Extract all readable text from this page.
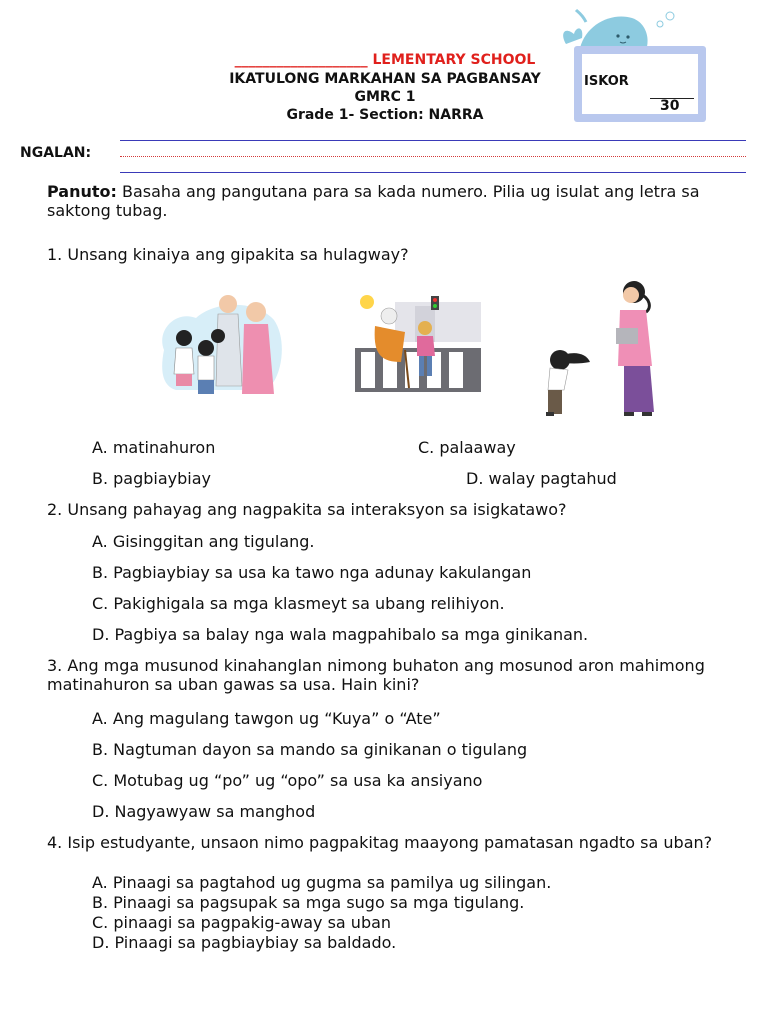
___________________ LEMENTARY SCHOOL
IKATULONG MARKAHAN SA PAGBANSAY
GMRC 1
Grade 1- Section: NARRA
ISKOR
30
NGALAN:
Panuto: Basaha ang pangutana para sa kada numero. Pilia ug isulat ang letra sa saktong tubag.
1. Unsang kinaiya ang gipakita sa hulagway?
A. matinahuron	C. palaaway
B. pagbiaybiay	D. walay pagtahud
2. Unsang pahayag ang nagpakita sa interaksyon sa isigkatawo?
A. Gisinggitan ang tigulang.
B. Pagbiaybiay sa usa ka tawo nga adunay kakulangan
C. Pakighigala sa mga klasmeyt sa ubang relihiyon.
D. Pagbiya sa balay nga wala magpahibalo sa mga ginikanan.
3. Ang mga musunod kinahanglan nimong buhaton ang mosunod aron mahimong matinahuron sa uban gawas sa usa. Hain kini?
A. Ang magulang tawgon ug “Kuya” o “Ate”
B. Nagtuman dayon sa mando sa ginikanan o tigulang
C. Motubag ug “po” ug “opo” sa usa ka ansiyano
D. Nagyawyaw sa manghod
4. Isip estudyante, unsaon nimo pagpakitag maayong pamatasan ngadto sa uban?
A. Pinaagi sa pagtahod ug gugma sa pamilya ug silingan.
B. Pinaagi sa pagsupak sa mga sugo sa mga tigulang.
C. pinaagi sa pagpakig-away sa uban
D. Pinaagi sa pagbiaybiay sa baldado.
